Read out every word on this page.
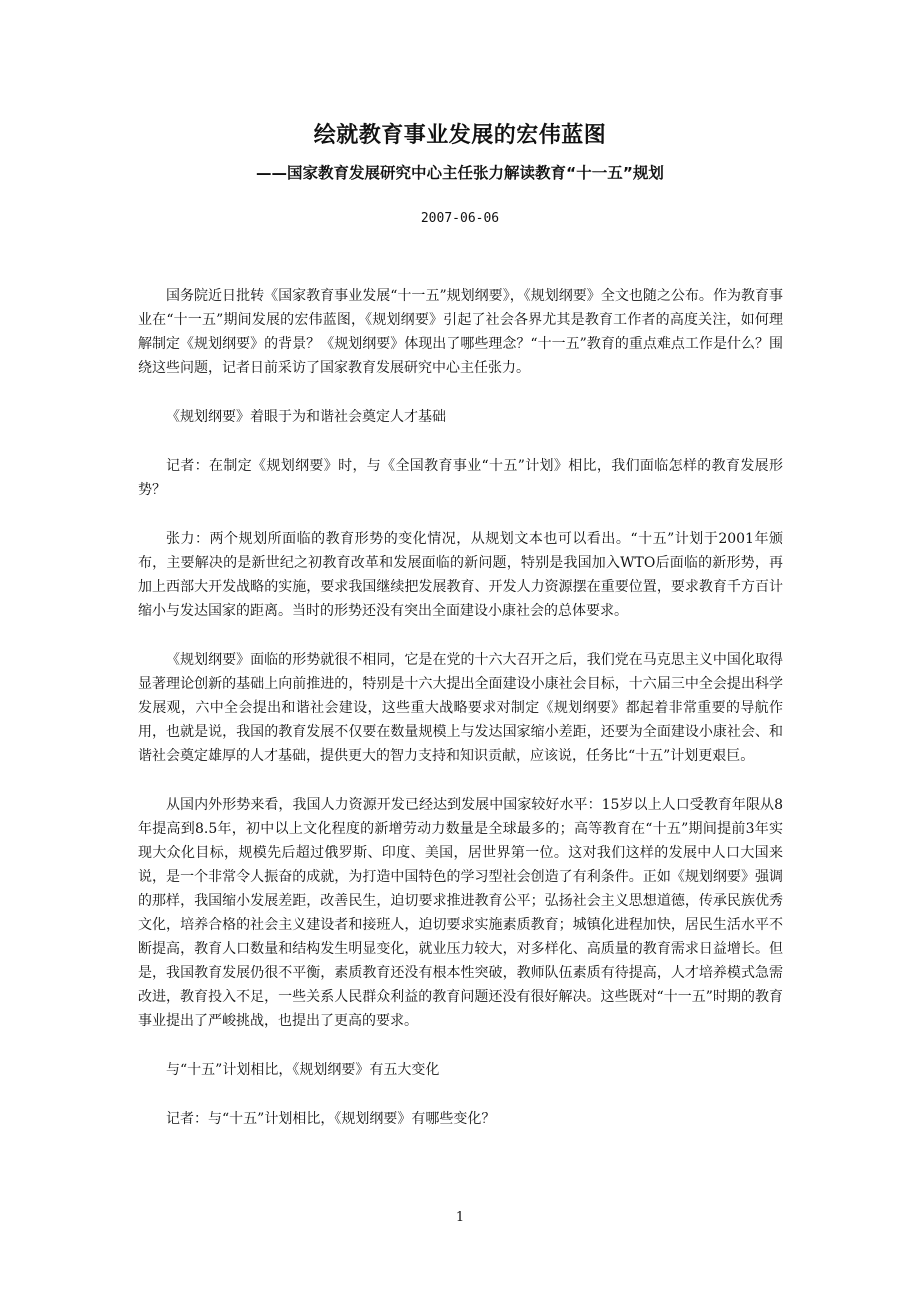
绘就教育事业发展的宏伟蓝图
——国家教育发展研究中心主任张力解读教育“十一五”规划
2007-06-06

国务院近日批转《国家教育事业发展“十一五”规划纲要》，《规划纲要》全文也随之公布。作为教育事业在“十一五”期间发展的宏伟蓝图，《规划纲要》引起了社会各界尤其是教育工作者的高度关注，如何理解制定《规划纲要》的背景？《规划纲要》体现出了哪些理念？“十一五”教育的重点难点工作是什么？围绕这些问题，记者日前采访了国家教育发展研究中心主任张力。

《规划纲要》着眼于为和谐社会奠定人才基础

记者：在制定《规划纲要》时，与《全国教育事业“十五”计划》相比，我们面临怎样的教育发展形势？

张力：两个规划所面临的教育形势的变化情况，从规划文本也可以看出。“十五”计划于2001年颁布，主要解决的是新世纪之初教育改革和发展面临的新问题，特别是我国加入WTO后面临的新形势，再加上西部大开发战略的实施，要求我国继续把发展教育、开发人力资源摆在重要位置，要求教育千方百计缩小与发达国家的距离。当时的形势还没有突出全面建设小康社会的总体要求。

《规划纲要》面临的形势就很不相同，它是在党的十六大召开之后，我们党在马克思主义中国化取得显著理论创新的基础上向前推进的，特别是十六大提出全面建设小康社会目标，十六届三中全会提出科学发展观，六中全会提出和谐社会建设，这些重大战略要求对制定《规划纲要》都起着非常重要的导航作用，也就是说，我国的教育发展不仅要在数量规模上与发达国家缩小差距，还要为全面建设小康社会、和谐社会奠定雄厚的人才基础，提供更大的智力支持和知识贡献，应该说，任务比“十五”计划更艰巨。

从国内外形势来看，我国人力资源开发已经达到发展中国家较好水平：15岁以上人口受教育年限从8年提高到8.5年，初中以上文化程度的新增劳动力数量是全球最多的；高等教育在“十五”期间提前3年实现大众化目标，规模先后超过俄罗斯、印度、美国，居世界第一位。这对我们这样的发展中人口大国来说，是一个非常令人振奋的成就，为打造中国特色的学习型社会创造了有利条件。正如《规划纲要》强调的那样，我国缩小发展差距，改善民生，迫切要求推进教育公平；弘扬社会主义思想道德，传承民族优秀文化，培养合格的社会主义建设者和接班人，迫切要求实施素质教育；城镇化进程加快，居民生活水平不断提高，教育人口数量和结构发生明显变化，就业压力较大，对多样化、高质量的教育需求日益增长。但是，我国教育发展仍很不平衡，素质教育还没有根本性突破，教师队伍素质有待提高，人才培养模式急需改进，教育投入不足，一些关系人民群众利益的教育问题还没有很好解决。这些既对“十一五”时期的教育事业提出了严峻挑战，也提出了更高的要求。

与“十五”计划相比，《规划纲要》有五大变化

记者：与“十五”计划相比，《规划纲要》有哪些变化？

1
